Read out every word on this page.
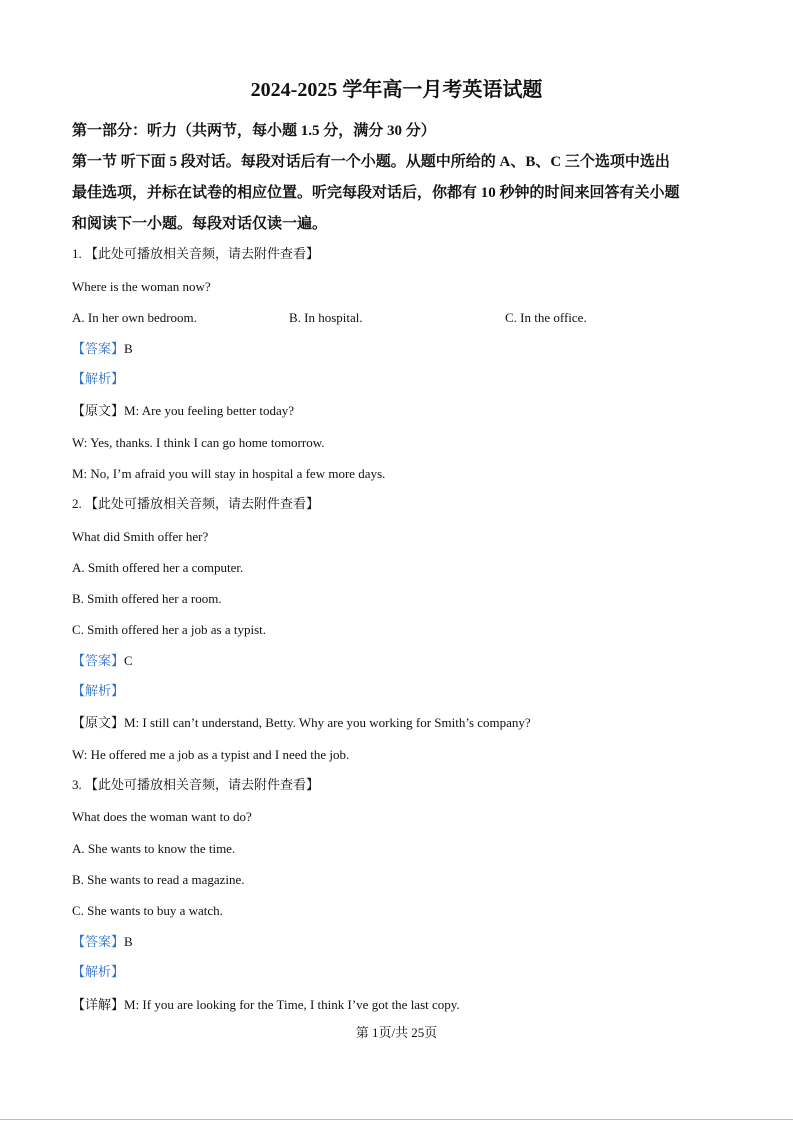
2024-2025 学年高一月考英语试题
第一部分：听力（共两节，每小题 1.5 分，满分 30 分）
第一节 听下面 5 段对话。每段对话后有一个小题。从题中所给的 A、B、C 三个选项中选出
最佳选项，并标在试卷的相应位置。听完每段对话后，你都有 10 秒钟的时间来回答有关小题
和阅读下一小题。每段对话仅读一遍。
1. 【此处可播放相关音频，请去附件查看】
Where is the woman now?
A. In her own bedroom.	B. In hospital.	C. In the office.
【答案】B
【解析】
【原文】M: Are you feeling better today?
W: Yes, thanks. I think I can go home tomorrow.
M: No, I’m afraid you will stay in hospital a few more days.
2. 【此处可播放相关音频，请去附件查看】
What did Smith offer her?
A. Smith offered her a computer.
B. Smith offered her a room.
C. Smith offered her a job as a typist.
【答案】C
【解析】
【原文】M: I still can’t understand, Betty. Why are you working for Smith’s company?
W: He offered me a job as a typist and I need the job.
3. 【此处可播放相关音频，请去附件查看】
What does the woman want to do?
A. She wants to know the time.
B. She wants to read a magazine.
C. She wants to buy a watch.
【答案】B
【解析】
【详解】M: If you are looking for the Time, I think I’ve got the last copy.
第 1页/共 25页
